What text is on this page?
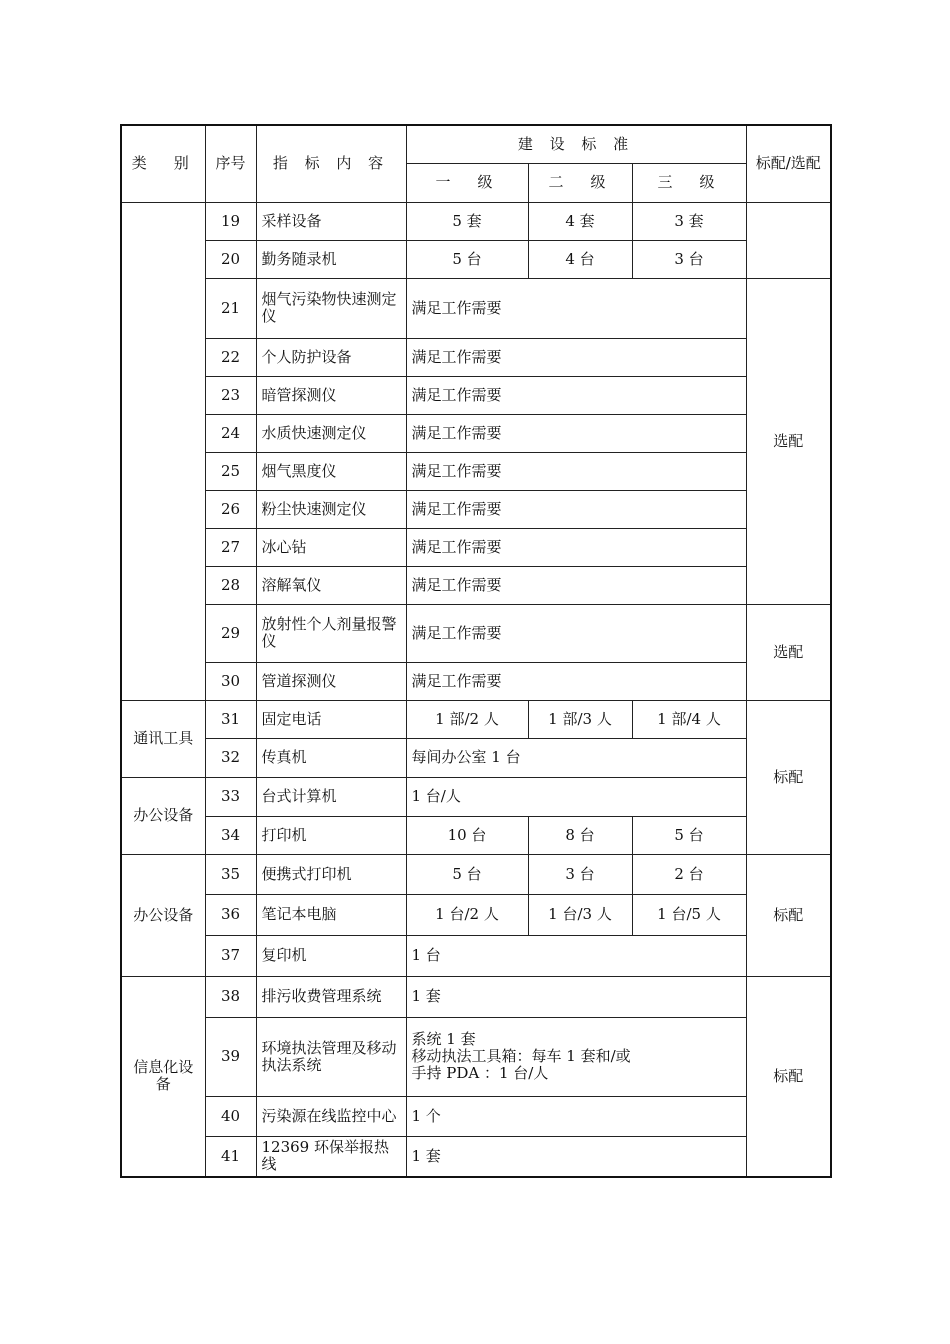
类　别	序号	指 标 内 容	建 设 标 准			标配/选配
			一　级	二　级	三　级	
	19	采样设备	5 套	4 套	3 套	
	20	勤务随录机	5 台	4 台	3 台	
	21	烟气污染物快速测定仪	满足工作需要			选配
	22	个人防护设备	满足工作需要			
	23	暗管探测仪	满足工作需要			
	24	水质快速测定仪	满足工作需要			
	25	烟气黑度仪	满足工作需要			
	26	粉尘快速测定仪	满足工作需要			
	27	冰心钻	满足工作需要			
	28	溶解氧仪	满足工作需要			
	29	放射性个人剂量报警仪	满足工作需要			选配
	30	管道探测仪	满足工作需要			
通讯工具	31	固定电话	1 部/2 人	1 部/3 人	1 部/4 人	标配
	32	传真机	每间办公室 1 台			
办公设备	33	台式计算机	1 台/人			
	34	打印机	10 台	8 台	5 台	
办公设备	35	便携式打印机	5 台	3 台	2 台	标配
	36	笔记本电脑	1 台/2 人	1 台/3 人	1 台/5 人	
	37	复印机	1 台			
信息化设备	38	排污收费管理系统	1 套			标配
	39	环境执法管理及移动执法系统	系统 1 套
移动执法工具箱：每车 1 套和/或
手持 PDA ：1 台/人			

	40	污染源在线监控中心	1 个			
	41	12369 环保举报热线	1 套			
